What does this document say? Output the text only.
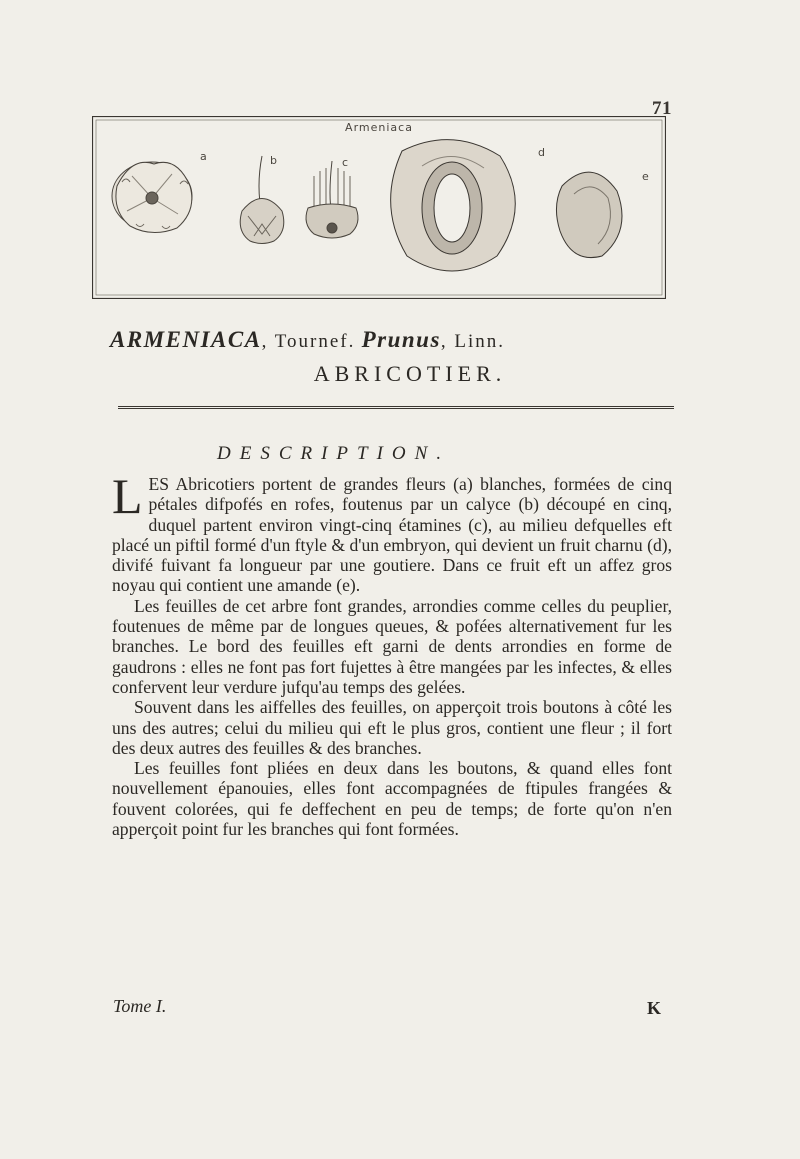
71
Armeniaca
a	b	c
d
e
ARMENIACA, Tournef. Prunus, Linn.
ABRICOTIER.
DESCRIPTION.

LES Abricotiers portent de grandes fleurs (a) blanches, formées de cinq pétales difpofés en rofes, foutenus par un calyce (b) découpé en cinq, duquel partent environ vingt-cinq étamines (c), au milieu defquelles eft placé un piftil formé d'un ftyle & d'un embryon, qui devient un fruit charnu (d), divifé fuivant fa longueur par une goutiere. Dans ce fruit eft un affez gros noyau qui contient une amande (e).

Les feuilles de cet arbre font grandes, arrondies comme celles du peuplier, foutenues de même par de longues queues, & pofées alternativement fur les branches. Le bord des feuilles eft garni de dents arrondies en forme de gaudrons : elles ne font pas fort fujettes à être mangées par les infectes, & elles confervent leur verdure jufqu'au temps des gelées.

Souvent dans les aiffelles des feuilles, on apperçoit trois boutons à côté les uns des autres; celui du milieu qui eft le plus gros, contient une fleur ; il fort des deux autres des feuilles & des branches.

Les feuilles font pliées en deux dans les boutons, & quand elles font nouvellement épanouies, elles font accompagnées de ftipules frangées & fouvent colorées, qui fe deffechent en peu de temps; de forte qu'on n'en apperçoit point fur les branches qui font formées.

Tome I.	K
